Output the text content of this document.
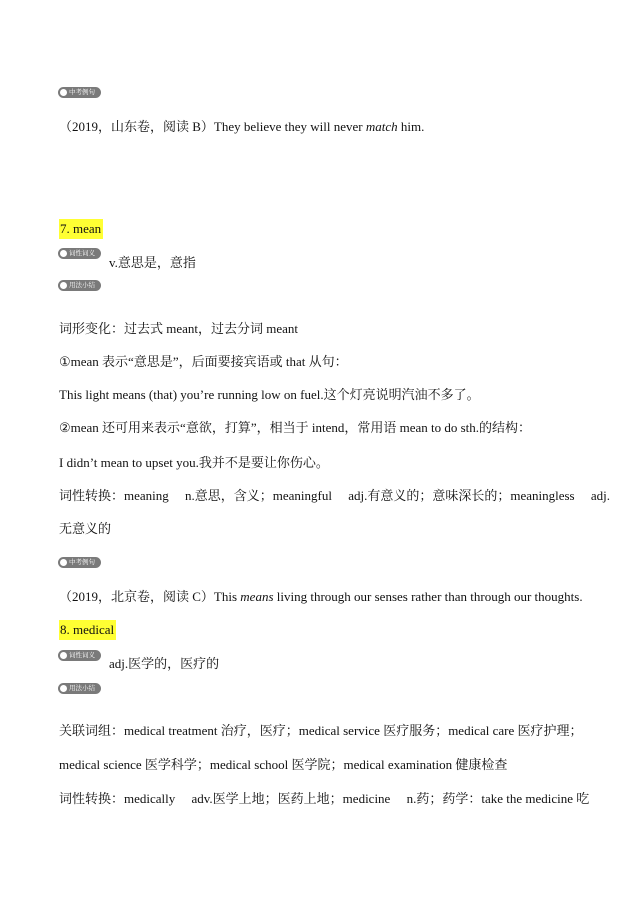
中考例句
（2019，山东卷，阅读 B）They believe they will never match him.
7. mean
词性词义
v.意思是，意指
用法小结
词形变化：过去式 meant，过去分词 meant
①mean 表示“意思是”，后面要接宾语或 that 从句：
This light means (that) you’re running low on fuel.这个灯亮说明汽油不多了。
②mean 还可用来表示“意欲，打算”，相当于 intend，常用语 mean to do sth.的结构：
I didn’t mean to upset you.我并不是要让你伤心。
词性转换：meaning　 n.意思，含义；meaningful　 adj.有意义的；意味深长的；meaningless　 adj.
无意义的
中考例句
（2019，北京卷，阅读 C）This means living through our senses rather than through our thoughts.
8. medical
词性词义
adj.医学的，医疗的
用法小结
关联词组：medical treatment 治疗，医疗；medical service 医疗服务；medical care 医疗护理；
medical science 医学科学；medical school 医学院；medical examination 健康检查
词性转换：medically　 adv.医学上地；医药上地；medicine　 n.药；药学：take the medicine 吃
